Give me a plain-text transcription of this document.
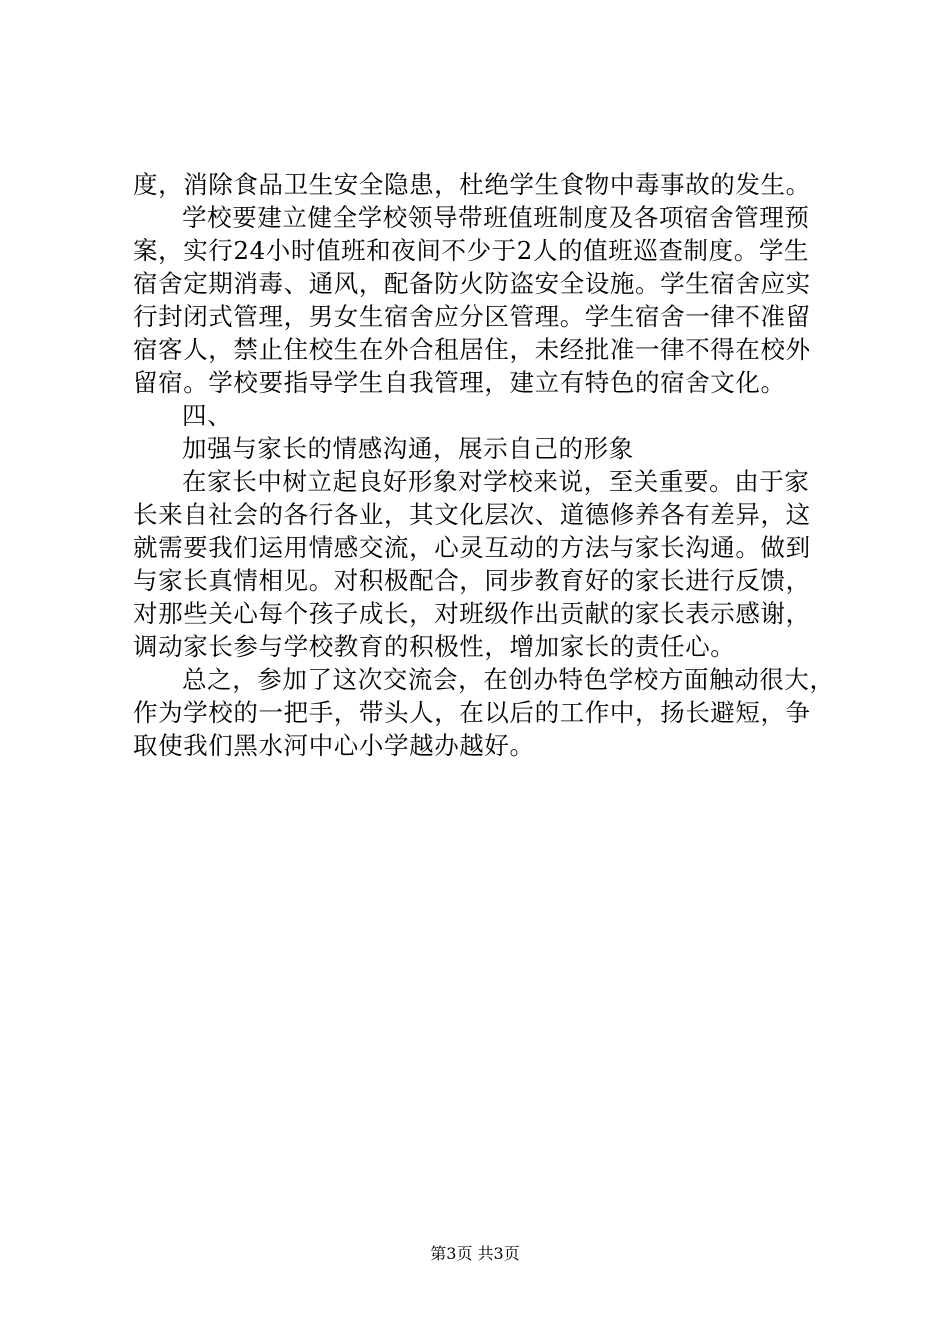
度，消除食品卫生安全隐患，杜绝学生食物中毒事故的发生。
学校要建立健全学校领导带班值班制度及各项宿舍管理预
案，实行24小时值班和夜间不少于2人的值班巡查制度。学生
宿舍定期消毒、通风，配备防火防盗安全设施。学生宿舍应实
行封闭式管理，男女生宿舍应分区管理。学生宿舍一律不准留
宿客人，禁止住校生在外合租居住，未经批准一律不得在校外
留宿。学校要指导学生自我管理，建立有特色的宿舍文化。
四、
加强与家长的情感沟通，展示自己的形象
在家长中树立起良好形象对学校来说，至关重要。由于家
长来自社会的各行各业，其文化层次、道德修养各有差异，这
就需要我们运用情感交流，心灵互动的方法与家长沟通。做到
与家长真情相见。对积极配合，同步教育好的家长进行反馈，
对那些关心每个孩子成长，对班级作出贡献的家长表示感谢，
调动家长参与学校教育的积极性，增加家长的责任心。
总之，参加了这次交流会，在创办特色学校方面触动很大，
作为学校的一把手，带头人，在以后的工作中，扬长避短，争
取使我们黑水河中心小学越办越好。
第3页 共3页
